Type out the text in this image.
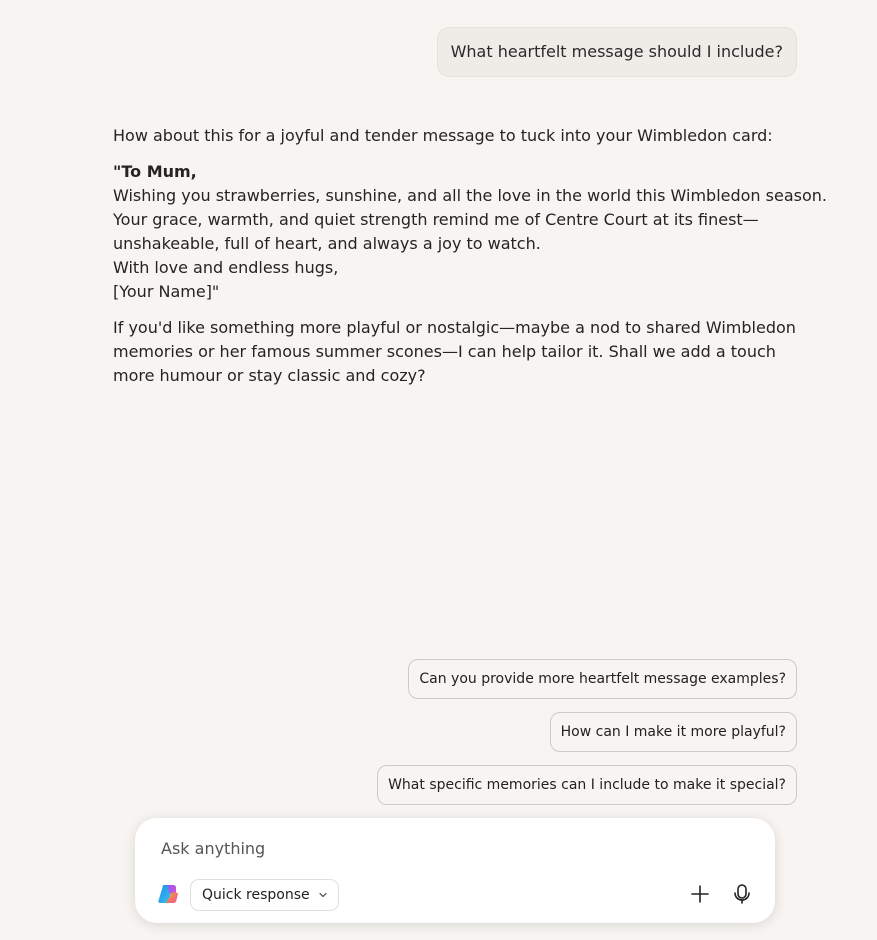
What heartfelt message should I include?

How about this for a joyful and tender message to tuck into your Wimbledon card:

"To Mum,
Wishing you strawberries, sunshine, and all the love in the world this Wimbledon season.
Your grace, warmth, and quiet strength remind me of Centre Court at its finest—
unshakeable, full of heart, and always a joy to watch.
With love and endless hugs,
[Your Name]"

If you'd like something more playful or nostalgic—maybe a nod to shared Wimbledon memories or her famous summer scones—I can help tailor it. Shall we add a touch more humour or stay classic and cozy?

Can you provide more heartfelt message examples?
How can I make it more playful?
What specific memories can I include to make it special?
Ask anything
Quick response
